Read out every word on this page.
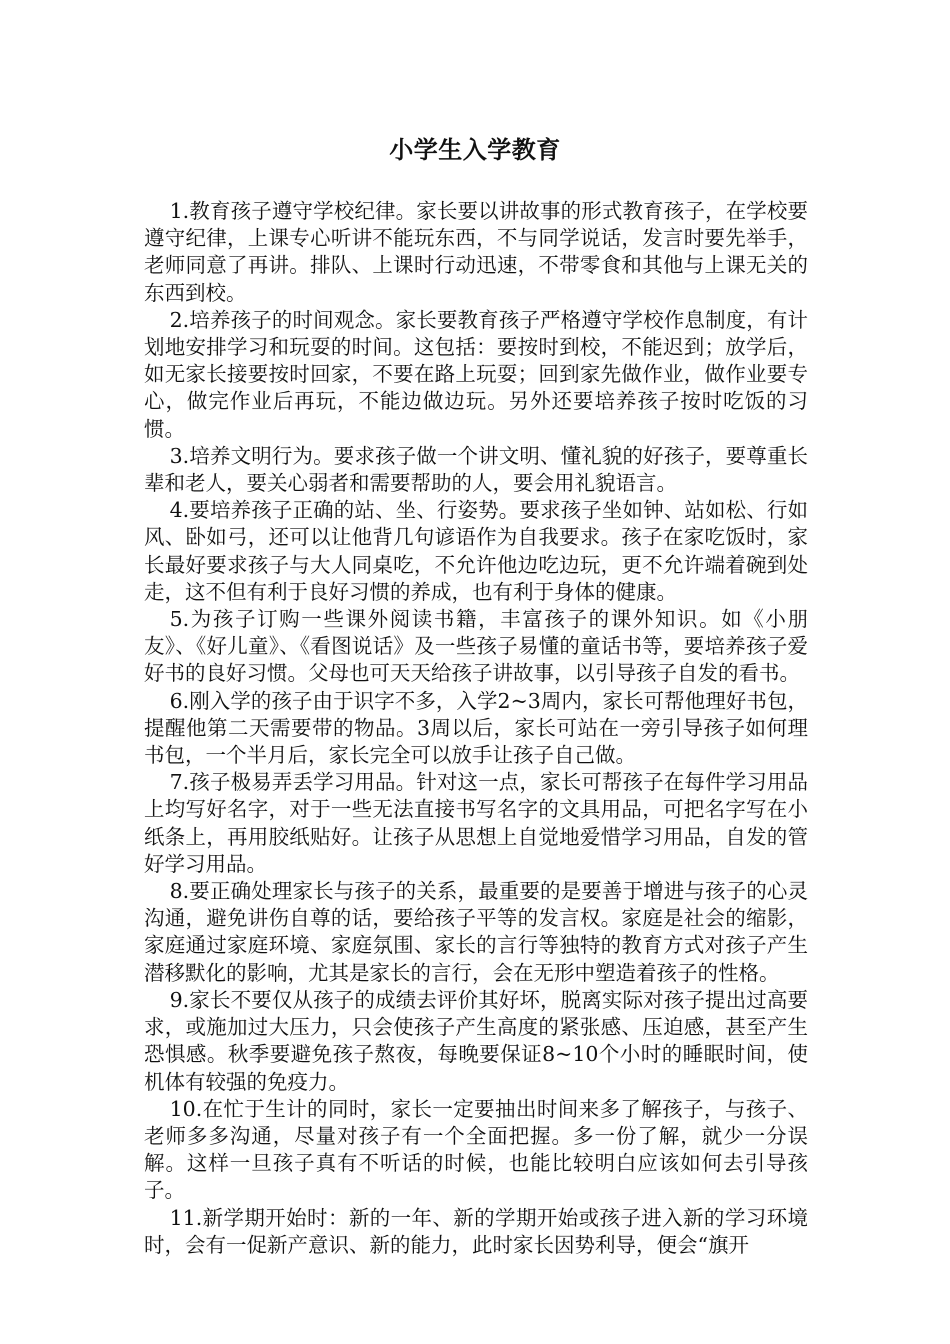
小学生入学教育

1.教育孩子遵守学校纪律。家长要以讲故事的形式教育孩子，在学校要遵守纪律，上课专心听讲不能玩东西，不与同学说话，发言时要先举手，老师同意了再讲。排队、上课时行动迅速，不带零食和其他与上课无关的东西到校。

2.培养孩子的时间观念。家长要教育孩子严格遵守学校作息制度，有计划地安排学习和玩耍的时间。这包括：要按时到校，不能迟到；放学后，如无家长接要按时回家，不要在路上玩耍；回到家先做作业，做作业要专心，做完作业后再玩，不能边做边玩。另外还要培养孩子按时吃饭的习惯。

3.培养文明行为。要求孩子做一个讲文明、懂礼貌的好孩子，要尊重长辈和老人，要关心弱者和需要帮助的人，要会用礼貌语言。

4.要培养孩子正确的站、坐、行姿势。要求孩子坐如钟、站如松、行如风、卧如弓，还可以让他背几句谚语作为自我要求。孩子在家吃饭时，家长最好要求孩子与大人同桌吃，不允许他边吃边玩，更不允许端着碗到处走，这不但有利于良好习惯的养成，也有利于身体的健康。

5.为孩子订购一些课外阅读书籍，丰富孩子的课外知识。如《小朋友》、《好儿童》、《看图说话》及一些孩子易懂的童话书等，要培养孩子爱好书的良好习惯。父母也可天天给孩子讲故事，以引导孩子自发的看书。

6.刚入学的孩子由于识字不多，入学2~3周内，家长可帮他理好书包，提醒他第二天需要带的物品。3周以后，家长可站在一旁引导孩子如何理书包，一个半月后，家长完全可以放手让孩子自己做。

7.孩子极易弄丢学习用品。针对这一点，家长可帮孩子在每件学习用品上均写好名字，对于一些无法直接书写名字的文具用品，可把名字写在小纸条上，再用胶纸贴好。让孩子从思想上自觉地爱惜学习用品，自发的管好学习用品。

8.要正确处理家长与孩子的关系，最重要的是要善于增进与孩子的心灵沟通，避免讲伤自尊的话，要给孩子平等的发言权。家庭是社会的缩影，家庭通过家庭环境、家庭氛围、家长的言行等独特的教育方式对孩子产生潜移默化的影响，尤其是家长的言行，会在无形中塑造着孩子的性格。

9.家长不要仅从孩子的成绩去评价其好坏，脱离实际对孩子提出过高要求，或施加过大压力，只会使孩子产生高度的紧张感、压迫感，甚至产生恐惧感。秋季要避免孩子熬夜，每晚要保证8~10个小时的睡眠时间，使机体有较强的免疫力。

10.在忙于生计的同时，家长一定要抽出时间来多了解孩子，与孩子、老师多多沟通，尽量对孩子有一个全面把握。多一份了解，就少一分误解。这样一旦孩子真有不听话的时候，也能比较明白应该如何去引导孩子。

11.新学期开始时：新的一年、新的学期开始或孩子进入新的学习环境时，会有一促新产意识、新的能力，此时家长因势利导，便会“旗开
